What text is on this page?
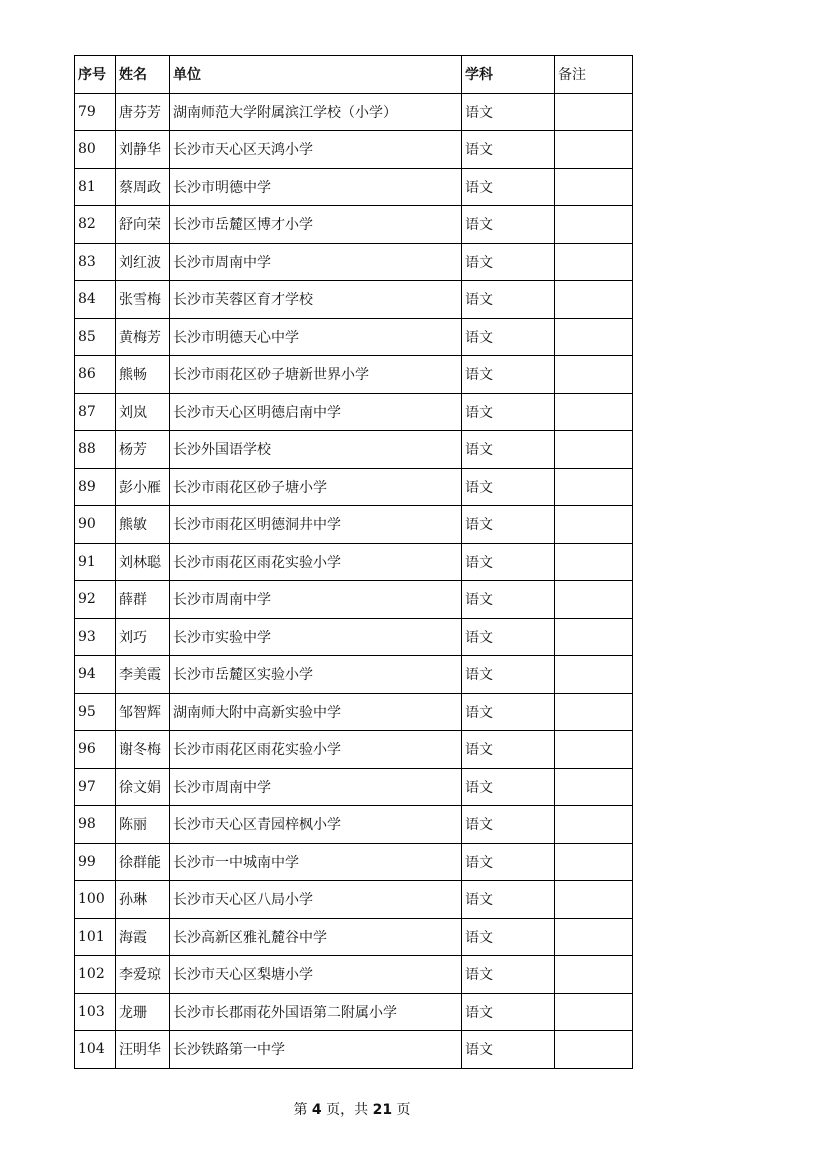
序号	姓名	单位	学科	备注
79	唐芬芳	湖南师范大学附属滨江学校（小学）	语文	
80	刘静华	长沙市天心区天鸿小学	语文	
81	蔡周政	长沙市明德中学	语文	
82	舒向荣	长沙市岳麓区博才小学	语文	
83	刘红波	长沙市周南中学	语文	
84	张雪梅	长沙市芙蓉区育才学校	语文	
85	黄梅芳	长沙市明德天心中学	语文	
86	熊畅	长沙市雨花区砂子塘新世界小学	语文	
87	刘岚	长沙市天心区明德启南中学	语文	
88	杨芳	长沙外国语学校	语文	
89	彭小雁	长沙市雨花区砂子塘小学	语文	
90	熊敏	长沙市雨花区明德洞井中学	语文	
91	刘林聪	长沙市雨花区雨花实验小学	语文	
92	薛群	长沙市周南中学	语文	
93	刘巧	长沙市实验中学	语文	
94	李美霞	长沙市岳麓区实验小学	语文	
95	邹智辉	湖南师大附中高新实验中学	语文	
96	谢冬梅	长沙市雨花区雨花实验小学	语文	
97	徐文娟	长沙市周南中学	语文	
98	陈丽	长沙市天心区青园梓枫小学	语文	
99	徐群能	长沙市一中城南中学	语文	
100	孙琳	长沙市天心区八局小学	语文	
101	海霞	长沙高新区雅礼麓谷中学	语文	
102	李爱琼	长沙市天心区梨塘小学	语文	
103	龙珊	长沙市长郡雨花外国语第二附属小学	语文	
104	汪明华	长沙铁路第一中学	语文	
第 4 页，共 21 页
